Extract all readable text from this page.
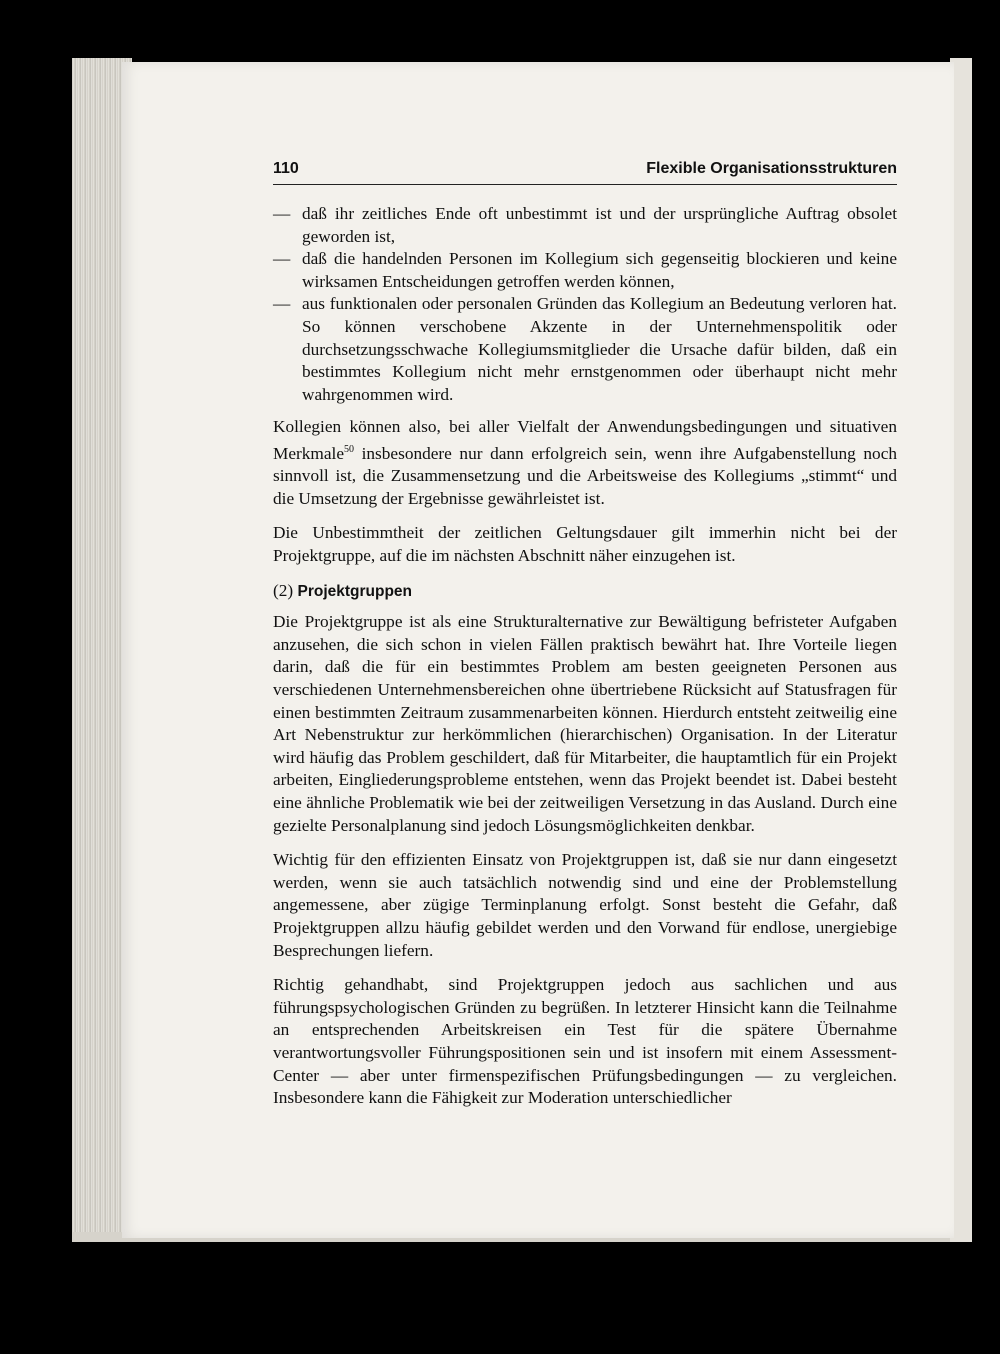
110	Flexible Organisationsstrukturen
— daß ihr zeitliches Ende oft unbestimmt ist und der ursprüngliche Auftrag obsolet geworden ist,
— daß die handelnden Personen im Kollegium sich gegenseitig blockieren und keine wirksamen Entscheidungen getroffen werden können,
— aus funktionalen oder personalen Gründen das Kollegium an Bedeutung verloren hat. So können verschobene Akzente in der Unternehmenspolitik oder durchsetzungsschwache Kollegiumsmitglieder die Ursache dafür bilden, daß ein bestimmtes Kollegium nicht mehr ernstgenommen oder überhaupt nicht mehr wahrgenommen wird.

Kollegien können also, bei aller Vielfalt der Anwendungsbedingungen und situativen Merkmale$^{50}$ insbesondere nur dann erfolgreich sein, wenn ihre Aufgabenstellung noch sinnvoll ist, die Zusammensetzung und die Arbeitsweise des Kollegiums „stimmt“ und die Umsetzung der Ergebnisse gewährleistet ist.

Die Unbestimmtheit der zeitlichen Geltungsdauer gilt immerhin nicht bei der Projektgruppe, auf die im nächsten Abschnitt näher einzugehen ist.

(2) Projektgruppen

Die Projektgruppe ist als eine Strukturalternative zur Bewältigung befristeter Aufgaben anzusehen, die sich schon in vielen Fällen praktisch bewährt hat. Ihre Vorteile liegen darin, daß die für ein bestimmtes Problem am besten geeigneten Personen aus verschiedenen Unternehmensbereichen ohne übertriebene Rücksicht auf Statusfragen für einen bestimmten Zeitraum zusammenarbeiten können. Hierdurch entsteht zeitweilig eine Art Nebenstruktur zur herkömmlichen (hierarchischen) Organisation. In der Literatur wird häufig das Problem geschildert, daß für Mitarbeiter, die hauptamtlich für ein Projekt arbeiten, Eingliederungsprobleme entstehen, wenn das Projekt beendet ist. Dabei besteht eine ähnliche Problematik wie bei der zeitweiligen Versetzung in das Ausland. Durch eine gezielte Personalplanung sind jedoch Lösungsmöglichkeiten denkbar.

Wichtig für den effizienten Einsatz von Projektgruppen ist, daß sie nur dann eingesetzt werden, wenn sie auch tatsächlich notwendig sind und eine der Problemstellung angemessene, aber zügige Terminplanung erfolgt. Sonst besteht die Gefahr, daß Projektgruppen allzu häufig gebildet werden und den Vorwand für endlose, unergiebige Besprechungen liefern.

Richtig gehandhabt, sind Projektgruppen jedoch aus sachlichen und aus führungspsychologischen Gründen zu begrüßen. In letzterer Hinsicht kann die Teilnahme an entsprechenden Arbeitskreisen ein Test für die spätere Übernahme verantwortungsvoller Führungspositionen sein und ist insofern mit einem Assessment-Center — aber unter firmenspezifischen Prüfungsbedingungen — zu vergleichen. Insbesondere kann die Fähigkeit zur Moderation unterschiedlicher
